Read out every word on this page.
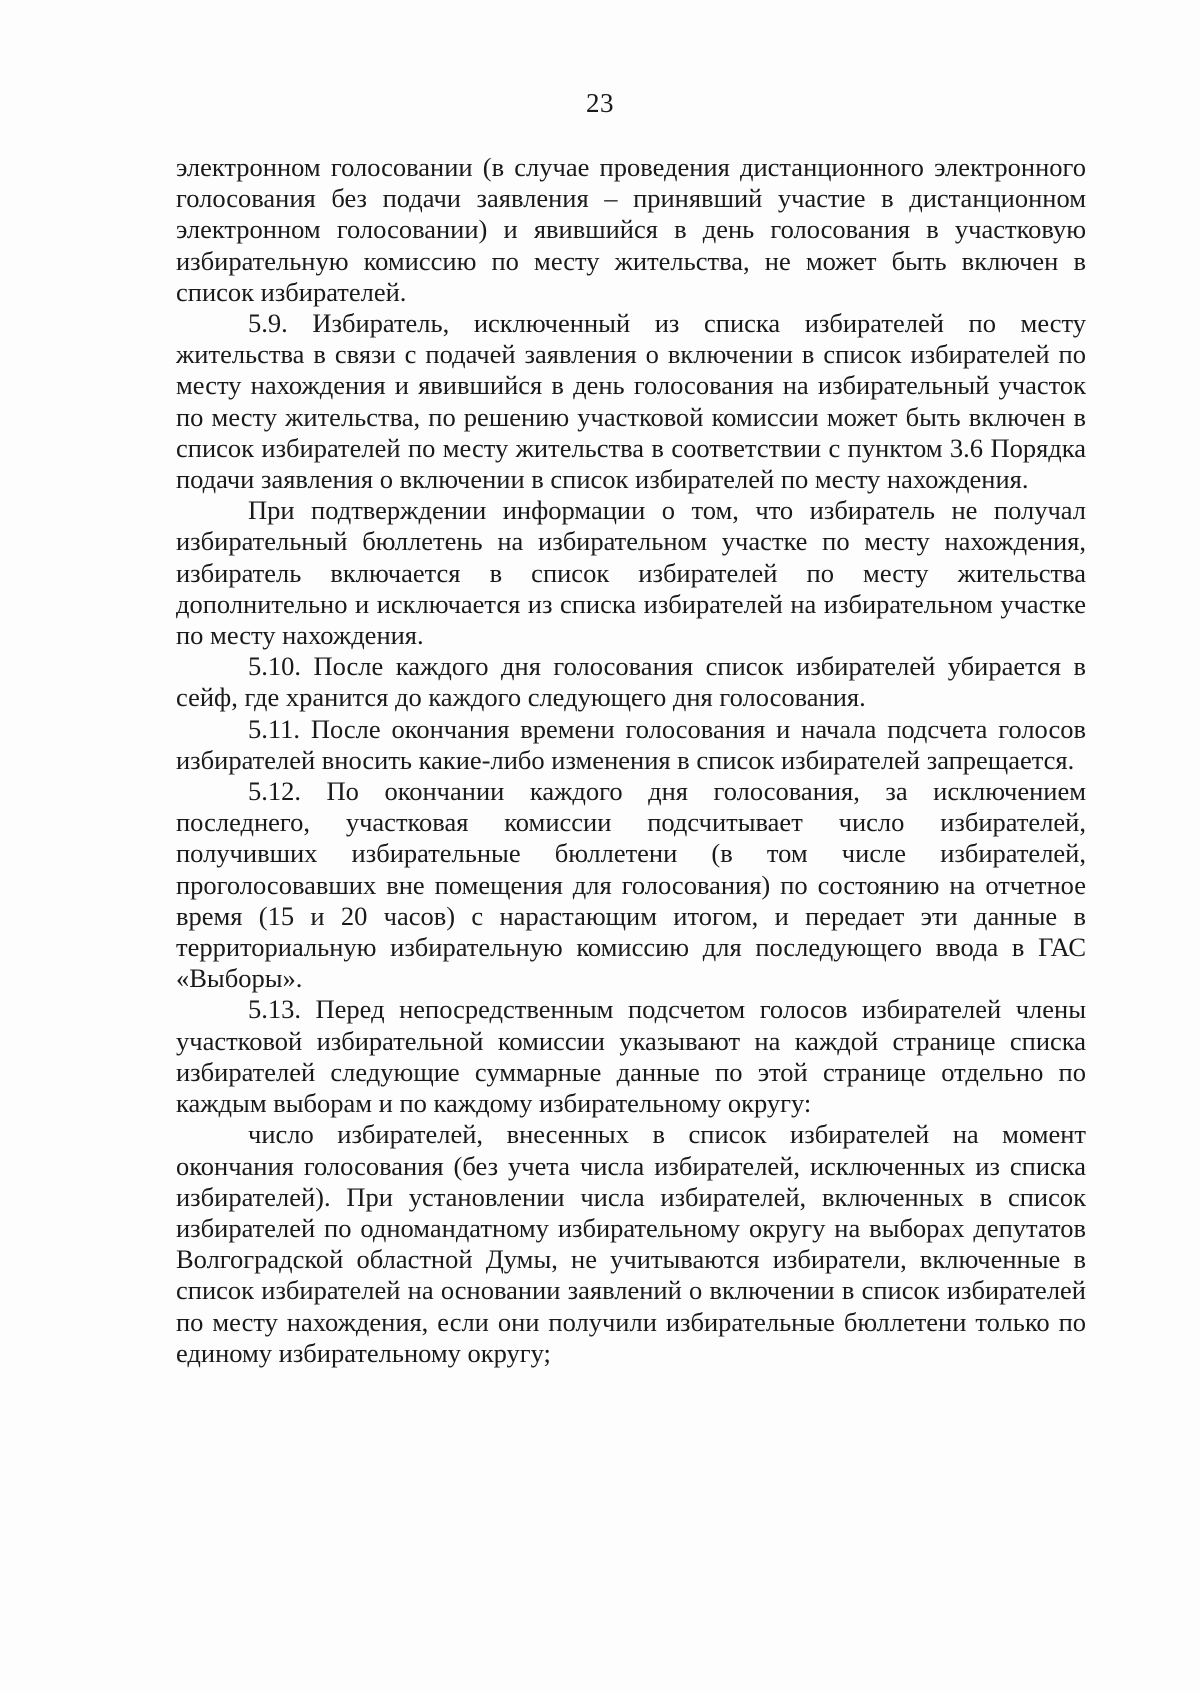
23

электронном голосовании (в случае проведения дистанционного электронного голосования без подачи заявления – принявший участие в дистанционном электронном голосовании) и явившийся в день голосования в участковую избирательную комиссию по месту жительства, не может быть включен в список избирателей.

5.9. Избиратель, исключенный из списка избирателей по месту жительства в связи с подачей заявления о включении в список избирателей по месту нахождения и явившийся в день голосования на избирательный участок по месту жительства, по решению участковой комиссии может быть включен в список избирателей по месту жительства в соответствии с пунктом 3.6 Порядка подачи заявления о включении в список избирателей по месту нахождения.

При подтверждении информации о том, что избиратель не получал избирательный бюллетень на избирательном участке по месту нахождения, избиратель включается в список избирателей по месту жительства дополнительно и исключается из списка избирателей на избирательном участке по месту нахождения.

5.10. После каждого дня голосования список избирателей убирается в сейф, где хранится до каждого следующего дня голосования.

5.11. После окончания времени голосования и начала подсчета голосов избирателей вносить какие-либо изменения в список избирателей запрещается.

5.12. По окончании каждого дня голосования, за исключением последнего, участковая комиссии подсчитывает число избирателей, получивших избирательные бюллетени (в том числе избирателей, проголосовавших вне помещения для голосования) по состоянию на отчетное время (15 и 20 часов) с нарастающим итогом, и передает эти данные в территориальную избирательную комиссию для последующего ввода в ГАС «Выборы».

5.13. Перед непосредственным подсчетом голосов избирателей члены участковой избирательной комиссии указывают на каждой странице списка избирателей следующие суммарные данные по этой странице отдельно по каждым выборам и по каждому избирательному округу:

число избирателей, внесенных в список избирателей на момент окончания голосования (без учета числа избирателей, исключенных из списка избирателей). При установлении числа избирателей, включенных в список избирателей по одномандатному избирательному округу на выборах депутатов Волгоградской областной Думы, не учитываются избиратели, включенные в список избирателей на основании заявлений о включении в список избирателей по месту нахождения, если они получили избирательные бюллетени только по единому избирательному округу;
